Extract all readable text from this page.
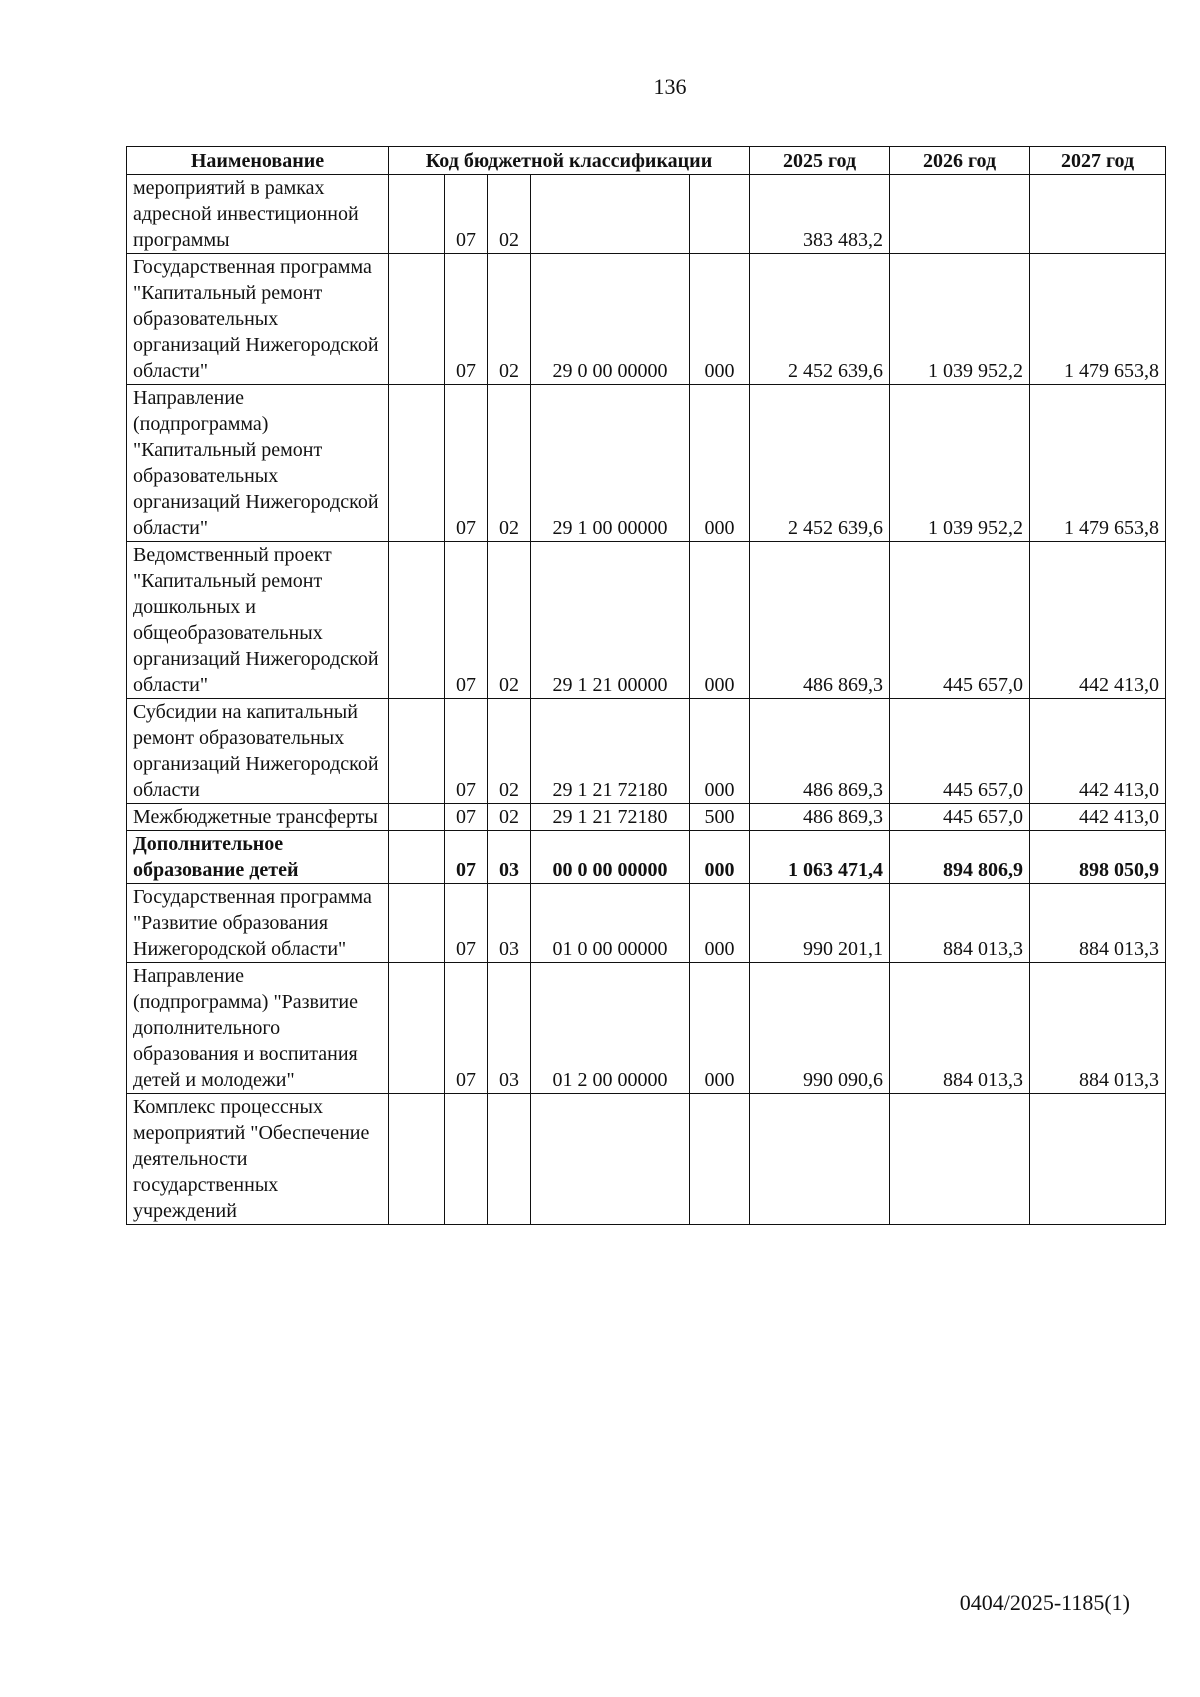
136
Наименование	Код бюджетной классификации					2025 год	2026 год	2027 год
мероприятий в рамках адресной инвестиционной программы		07	02			383 483,2		
Государственная программа "Капитальный ремонт образовательных организаций Нижегородской области"		07	02	29 0 00 00000	000	2 452 639,6	1 039 952,2	1 479 653,8
Направление (подпрограмма) "Капитальный ремонт образовательных организаций Нижегородской области"		07	02	29 1 00 00000	000	2 452 639,6	1 039 952,2	1 479 653,8
Ведомственный проект "Капитальный ремонт дошкольных и общеобразовательных организаций Нижегородской области"		07	02	29 1 21 00000	000	486 869,3	445 657,0	442 413,0
Субсидии на капитальный ремонт образовательных организаций Нижегородской области		07	02	29 1 21 72180	000	486 869,3	445 657,0	442 413,0
Межбюджетные трансферты		07	02	29 1 21 72180	500	486 869,3	445 657,0	442 413,0
Дополнительное образование детей		07	03	00 0 00 00000	000	1 063 471,4	894 806,9	898 050,9
Государственная программа "Развитие образования Нижегородской области"		07	03	01 0 00 00000	000	990 201,1	884 013,3	884 013,3
Направление (подпрограмма) "Развитие дополнительного образования и воспитания детей и молодежи"		07	03	01 2 00 00000	000	990 090,6	884 013,3	884 013,3
Комплекс процессных мероприятий "Обеспечение деятельности государственных учреждений								
0404/2025-1185(1)
